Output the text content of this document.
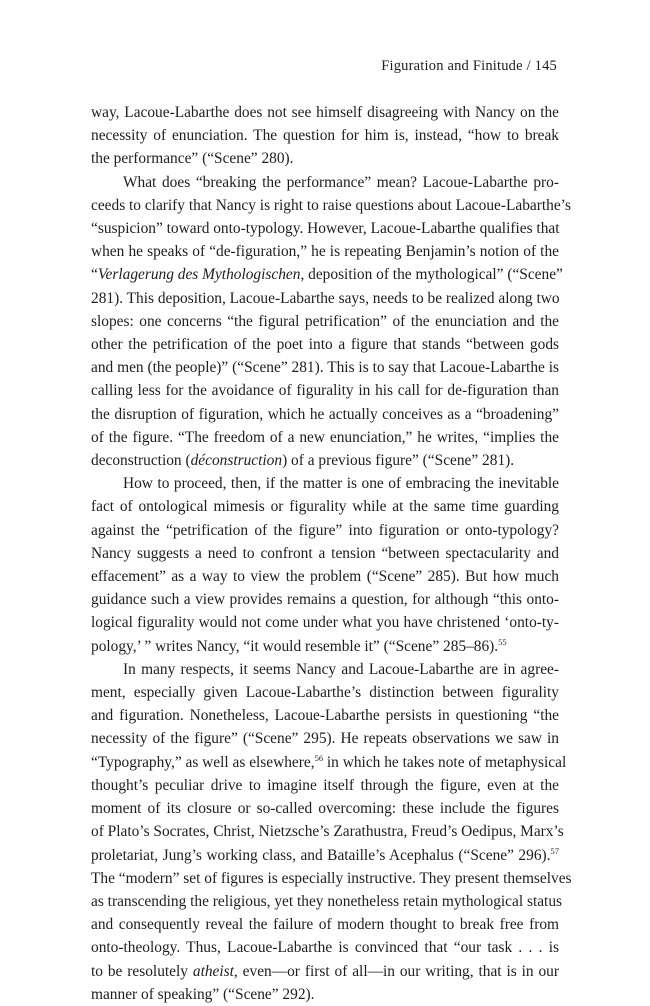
Figuration and Finitude / 145
way, Lacoue-Labarthe does not see himself disagreeing with Nancy on the
necessity of enunciation. The question for him is, instead, “how to break
the performance” (“Scene” 280).
What does “breaking the performance” mean? Lacoue-Labarthe pro-
ceeds to clarify that Nancy is right to raise questions about Lacoue-Labarthe’s
“suspicion” toward onto-typology. However, Lacoue-Labarthe qualifies that
when he speaks of “de-figuration,” he is repeating Benjamin’s notion of the
“Verlagerung des Mythologischen, deposition of the mythological” (“Scene”
281). This deposition, Lacoue-Labarthe says, needs to be realized along two
slopes: one concerns “the figural petrification” of the enunciation and the
other the petrification of the poet into a figure that stands “between gods
and men (the people)” (“Scene” 281). This is to say that Lacoue-Labarthe is
calling less for the avoidance of figurality in his call for de-figuration than
the disruption of figuration, which he actually conceives as a “broadening”
of the figure. “The freedom of a new enunciation,” he writes, “implies the
deconstruction (déconstruction) of a previous figure” (“Scene” 281).
How to proceed, then, if the matter is one of embracing the inevitable
fact of ontological mimesis or figurality while at the same time guarding
against the “petrification of the figure” into figuration or onto-typology?
Nancy suggests a need to confront a tension “between spectacularity and
effacement” as a way to view the problem (“Scene” 285). But how much
guidance such a view provides remains a question, for although “this onto-
logical figurality would not come under what you have christened ‘onto-ty-
pology,’ ” writes Nancy, “it would resemble it” (“Scene” 285–86).$^{55}$
In many respects, it seems Nancy and Lacoue-Labarthe are in agree-
ment, especially given Lacoue-Labarthe’s distinction between figurality
and figuration. Nonetheless, Lacoue-Labarthe persists in questioning “the
necessity of the figure” (“Scene” 295). He repeats observations we saw in
“Typography,” as well as elsewhere,$^{56}$ in which he takes note of metaphysical
thought’s peculiar drive to imagine itself through the figure, even at the
moment of its closure or so-called overcoming: these include the figures
of Plato’s Socrates, Christ, Nietzsche’s Zarathustra, Freud’s Oedipus, Marx’s
proletariat, Jung’s working class, and Bataille’s Acephalus (“Scene” 296).$^{57}$
The “modern” set of figures is especially instructive. They present themselves
as transcending the religious, yet they nonetheless retain mythological status
and consequently reveal the failure of modern thought to break free from
onto-theology. Thus, Lacoue-Labarthe is convinced that “our task . . . is
to be resolutely atheist, even—or first of all—in our writing, that is in our
manner of speaking” (“Scene” 292).
